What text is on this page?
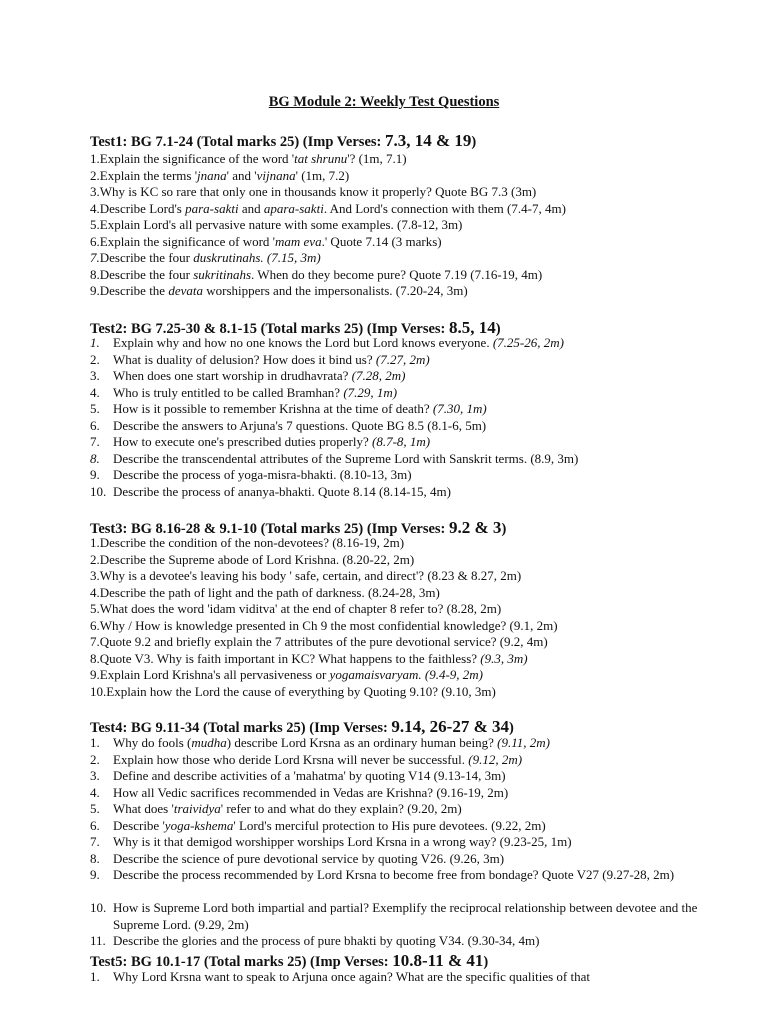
BG Module 2: Weekly Test Questions
Test1: BG 7.1-24 (Total marks 25) (Imp Verses: 7.3, 14 & 19)
1.Explain the significance of the word 'tat shrunu'? (1m, 7.1)
2.Explain the terms 'jnana' and 'vijnana' (1m, 7.2)
3.Why is KC so rare that only one in thousands know it properly? Quote BG 7.3 (3m)
4.Describe Lord's para-sakti and apara-sakti. And Lord's connection with them (7.4-7, 4m)
5.Explain Lord's all pervasive nature with some examples. (7.8-12, 3m)
6.Explain the significance of word 'mam eva.' Quote 7.14 (3 marks)
7.Describe the four duskrutinahs. (7.15, 3m)
8.Describe the four sukritinahs. When do they become pure? Quote 7.19 (7.16-19, 4m)
9.Describe the devata worshippers and the impersonalists. (7.20-24, 3m)
Test2: BG 7.25-30 & 8.1-15 (Total marks 25) (Imp Verses: 8.5, 14)
1. Explain why and how no one knows the Lord but Lord knows everyone. (7.25-26, 2m)
2. What is duality of delusion? How does it bind us? (7.27, 2m)
3. When does one start worship in drudhavrata? (7.28, 2m)
4. Who is truly entitled to be called Bramhan? (7.29, 1m)
5. How is it possible to remember Krishna at the time of death? (7.30, 1m)
6. Describe the answers to Arjuna's 7 questions. Quote BG 8.5 (8.1-6, 5m)
7. How to execute one's prescribed duties properly? (8.7-8, 1m)
8. Describe the transcendental attributes of the Supreme Lord with Sanskrit terms. (8.9, 3m)
9. Describe the process of yoga-misra-bhakti. (8.10-13, 3m)
10. Describe the process of ananya-bhakti. Quote 8.14 (8.14-15, 4m)
Test3: BG 8.16-28 & 9.1-10 (Total marks 25) (Imp Verses: 9.2 & 3)
1.Describe the condition of the non-devotees? (8.16-19, 2m)
2.Describe the Supreme abode of Lord Krishna. (8.20-22, 2m)
3.Why is a devotee's leaving his body ' safe, certain, and direct'? (8.23 & 8.27, 2m)
4.Describe the path of light and the path of darkness. (8.24-28, 3m)
5.What does the word 'idam viditva' at the end of chapter 8 refer to? (8.28, 2m)
6.Why / How is knowledge presented in Ch 9 the most confidential knowledge? (9.1, 2m)
7.Quote 9.2 and briefly explain the 7 attributes of the pure devotional service? (9.2, 4m)
8.Quote V3. Why is faith important in KC? What happens to the faithless? (9.3, 3m)
9.Explain Lord Krishna's all pervasiveness or yogamaisvaryam. (9.4-9, 2m)
10.Explain how the Lord the cause of everything by Quoting 9.10? (9.10, 3m)
Test4: BG 9.11-34 (Total marks 25) (Imp Verses: 9.14, 26-27 & 34)
1. Why do fools (mudha) describe Lord Krsna as an ordinary human being? (9.11, 2m)
2. Explain how those who deride Lord Krsna will never be successful. (9.12, 2m)
3. Define and describe activities of a 'mahatma' by quoting V14 (9.13-14, 3m)
4. How all Vedic sacrifices recommended in Vedas are Krishna? (9.16-19, 2m)
5. What does 'traividya' refer to and what do they explain? (9.20, 2m)
6. Describe 'yoga-kshema' Lord's merciful protection to His pure devotees. (9.22, 2m)
7. Why is it that demigod worshipper worships Lord Krsna in a wrong way? (9.23-25, 1m)
8. Describe the science of pure devotional service by quoting V26. (9.26, 3m)
9. Describe the process recommended by Lord Krsna to become free from bondage? Quote V27 (9.27-28, 2m)
10. How is Supreme Lord both impartial and partial? Exemplify the reciprocal relationship between devotee and the Supreme Lord. (9.29, 2m)
11. Describe the glories and the process of pure bhakti by quoting V34. (9.30-34, 4m)
Test5: BG 10.1-17 (Total marks 25) (Imp Verses: 10.8-11 & 41)
1. Why Lord Krsna want to speak to Arjuna once again? What are the specific qualities of that
